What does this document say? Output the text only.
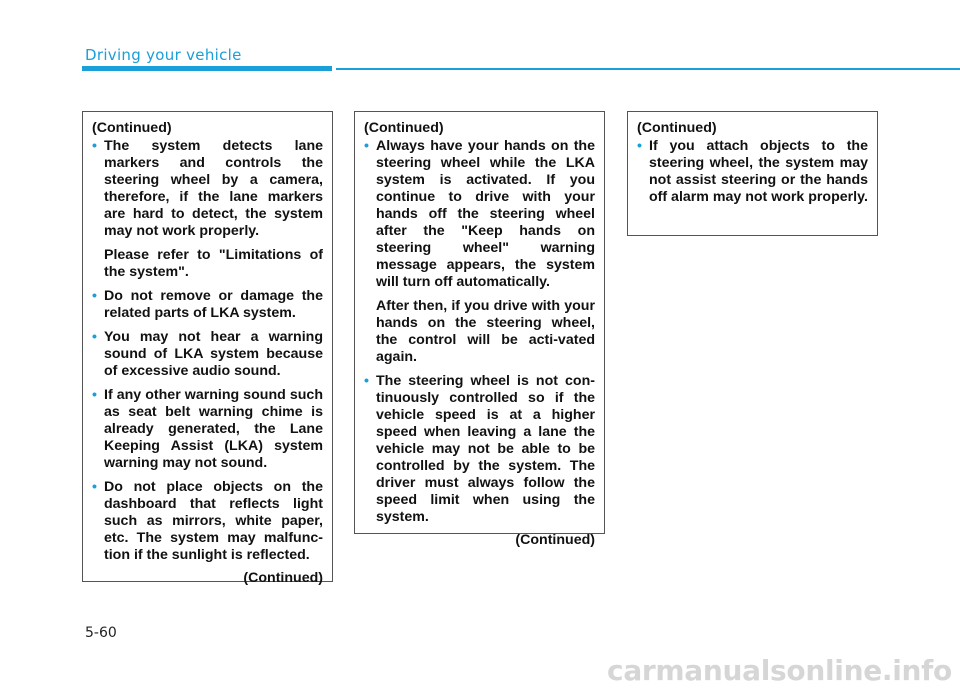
Driving your vehicle
(Continued)
• The system detects lane markers and controls the steering wheel by a camera, therefore, if the lane markers are hard to detect, the system may not work properly.
Please refer to "Limitations of the system".
• Do not remove or damage the related parts of LKA system.
• You may not hear a warning sound of LKA system because of excessive audio sound.
• If any other warning sound such as seat belt warning chime is already generated, the Lane Keeping Assist (LKA) system warning may not sound.
• Do not place objects on the dashboard that reflects light such as mirrors, white paper, etc. The system may malfunc-tion if the sunlight is reflected.
(Continued)
(Continued)
• Always have your hands on the steering wheel while the LKA system is activated. If you continue to drive with your hands off the steering wheel after the "Keep hands on steering wheel" warning message appears, the system will turn off automatically.
After then, if you drive with your hands on the steering wheel, the control will be acti-vated again.
• The steering wheel is not con-tinuously controlled so if the vehicle speed is at a higher speed when leaving a lane the vehicle may not be able to be controlled by the system. The driver must always follow the speed limit when using the system.
(Continued)
(Continued)
• If you attach objects to the steering wheel, the system may not assist steering or the hands off alarm may not work properly.
5-60
carmanualsonline.info
